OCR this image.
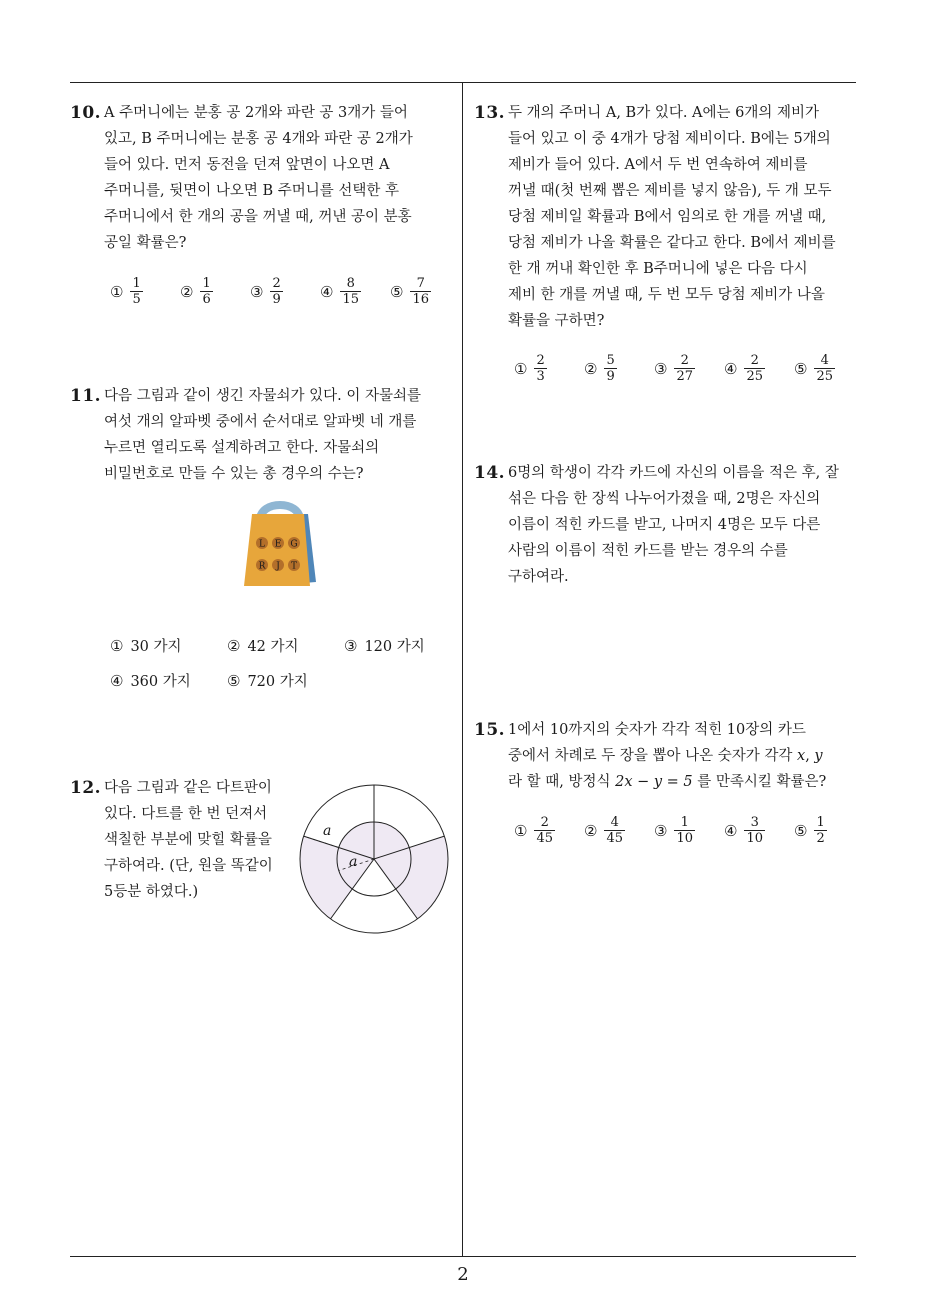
2
10. A 주머니에는 분홍 공 2개와 파란 공 3개가 들어
있고, B 주머니에는 분홍 공 4개와 파란 공 2개가
들어 있다. 먼저 동전을 던져 앞면이 나오면 A
주머니를, 뒷면이 나오면 B 주머니를 선택한 후
주머니에서 한 개의 공을 꺼낼 때, 꺼낸 공이 분홍
공일 확률은?
① $\frac{1}{5}$ ② $\frac{1}{6}$ ③ $\frac{2}{9}$ ④ $\frac{8}{15}$ ⑤ $\frac{7}{16}$
11. 다음 그림과 같이 생긴 자물쇠가 있다. 이 자물쇠를
여섯 개의 알파벳 중에서 순서대로 알파벳 네 개를
누르면 열리도록 설계하려고 한다. 자물쇠의
비밀번호로 만들 수 있는 총 경우의 수는?
L E G
R J T
① 30 가지	② 42 가지	③ 120 가지
④ 360 가지 ⑤ 720 가지
12. 다음 그림과 같은 다트판이
있다. 다트를 한 번 던져서
색칠한 부분에 맞힐 확률을
구하여라. (단, 원을 똑같이
5등분 하였다.)
a
a
13. 두 개의 주머니 A, B가 있다. A에는 6개의 제비가
들어 있고 이 중 4개가 당첨 제비이다. B에는 5개의
제비가 들어 있다. A에서 두 번 연속하여 제비를
꺼낼 때(첫 번째 뽑은 제비를 넣지 않음), 두 개 모두
당첨 제비일 확률과 B에서 임의로 한 개를 꺼낼 때,
당첨 제비가 나올 확률은 같다고 한다. B에서 제비를
한 개 꺼내 확인한 후 B주머니에 넣은 다음 다시
제비 한 개를 꺼낼 때, 두 번 모두 당첨 제비가 나올
확률을 구하면?
① $\frac{2}{3}$ ② $\frac{5}{9}$ ③ $\frac{2}{27}$ ④ $\frac{2}{25}$ ⑤ $\frac{4}{25}$
14. 6명의 학생이 각각 카드에 자신의 이름을 적은 후, 잘
섞은 다음 한 장씩 나누어가졌을 때, 2명은 자신의
이름이 적힌 카드를 받고, 나머지 4명은 모두 다른
사람의 이름이 적힌 카드를 받는 경우의 수를
구하여라.
15. 1에서 10까지의 숫자가 각각 적힌 10장의 카드
중에서 차례로 두 장을 뽑아 나온 숫자가 각각 x, y
라 할 때, 방정식 2x − y = 5 를 만족시킬 확률은?
① $\frac{2}{45}$ ② $\frac{4}{45}$ ③ $\frac{1}{10}$ ④ $\frac{3}{10}$ ⑤ $\frac{1}{2}$
